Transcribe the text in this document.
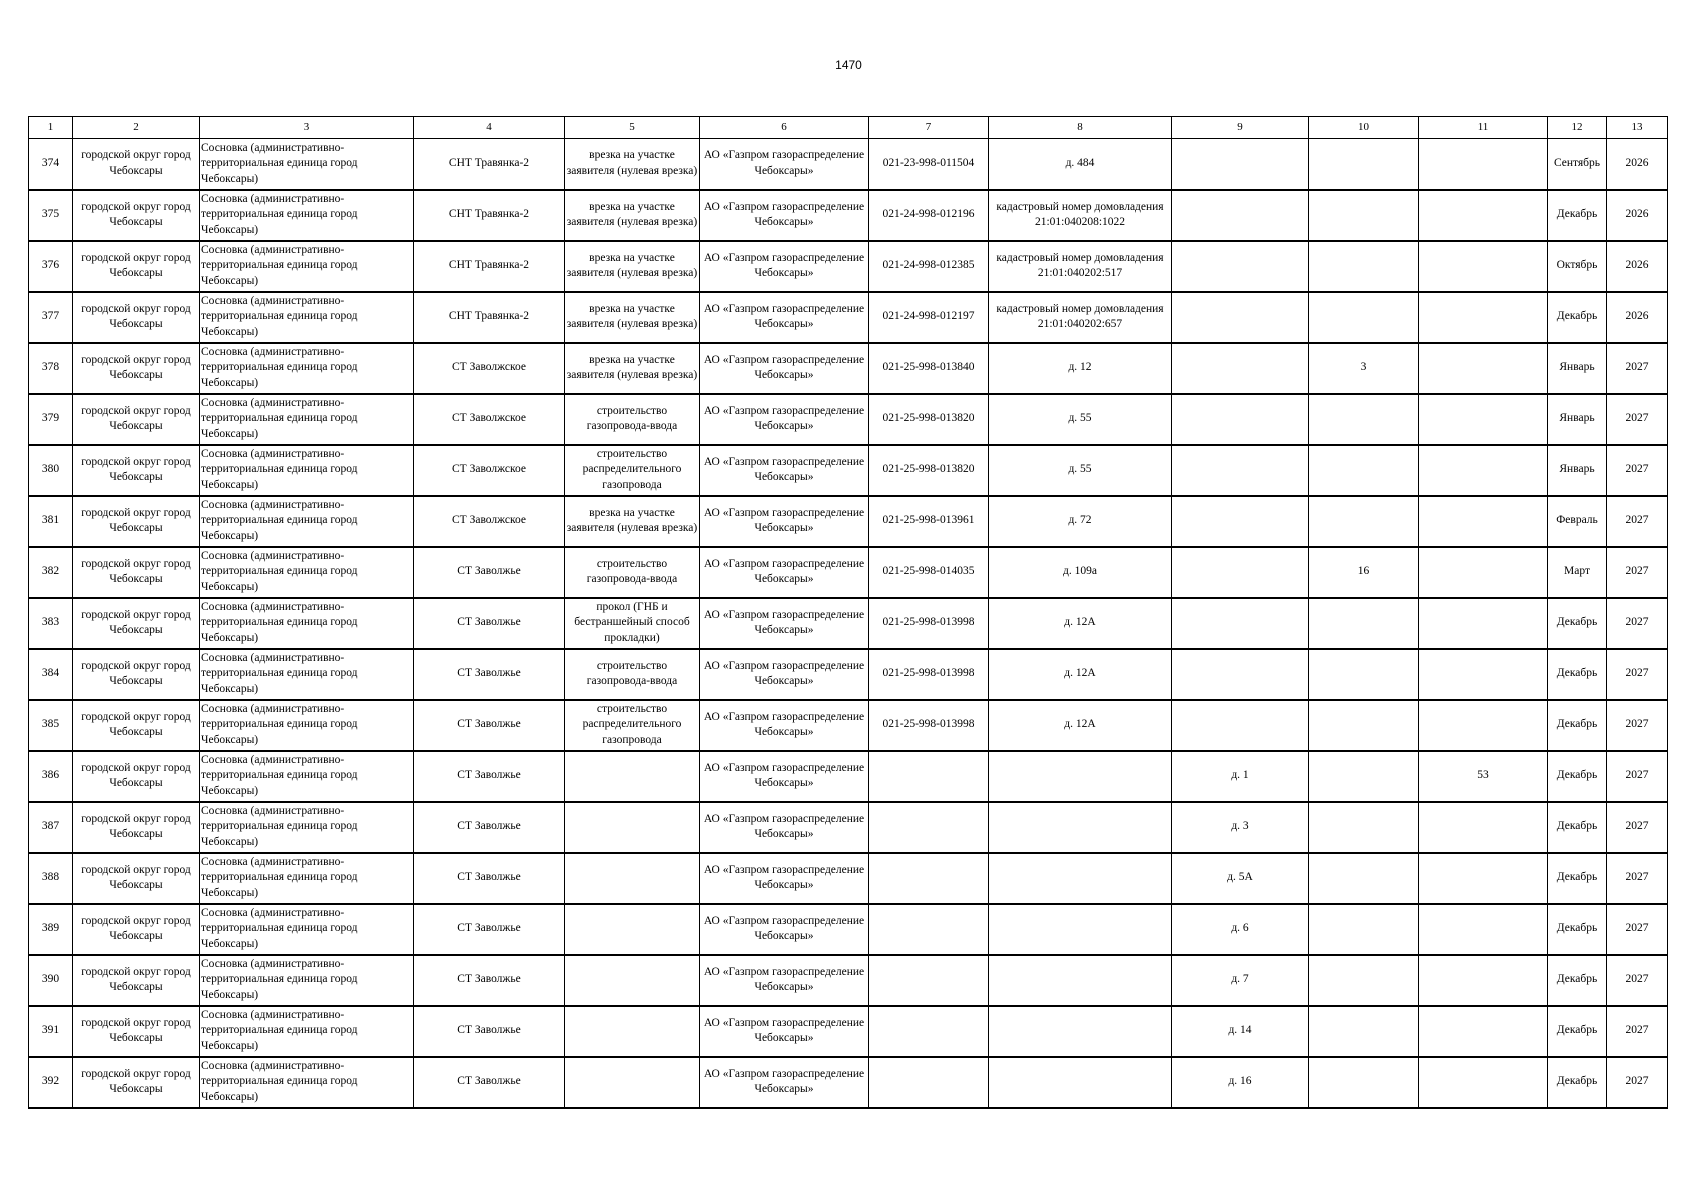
1470
1	2	3	4	5	6	7	8	9	10	11	12	13
374	городской округ город Чебоксары	Сосновка (административно-территориальная единица город Чебоксары)	СНТ Травянка-2	врезка на участке заявителя (нулевая врезка)	АО «Газпром газораспределение Чебоксары»	021-23-998-011504	д. 484				Сентябрь	2026
375	городской округ город Чебоксары	Сосновка (административно-территориальная единица город Чебоксары)	СНТ Травянка-2	врезка на участке заявителя (нулевая врезка)	АО «Газпром газораспределение Чебоксары»	021-24-998-012196	кадастровый номер домовладения 21:01:040208:1022				Декабрь	2026
376	городской округ город Чебоксары	Сосновка (административно-территориальная единица город Чебоксары)	СНТ Травянка-2	врезка на участке заявителя (нулевая врезка)	АО «Газпром газораспределение Чебоксары»	021-24-998-012385	кадастровый номер домовладения 21:01:040202:517				Октябрь	2026
377	городской округ город Чебоксары	Сосновка (административно-территориальная единица город Чебоксары)	СНТ Травянка-2	врезка на участке заявителя (нулевая врезка)	АО «Газпром газораспределение Чебоксары»	021-24-998-012197	кадастровый номер домовладения 21:01:040202:657				Декабрь	2026
378	городской округ город Чебоксары	Сосновка (административно-территориальная единица город Чебоксары)	СТ Заволжское	врезка на участке заявителя (нулевая врезка)	АО «Газпром газораспределение Чебоксары»	021-25-998-013840	д. 12		3		Январь	2027
379	городской округ город Чебоксары	Сосновка (административно-территориальная единица город Чебоксары)	СТ Заволжское	строительство газопровода-ввода	АО «Газпром газораспределение Чебоксары»	021-25-998-013820	д. 55				Январь	2027
380	городской округ город Чебоксары	Сосновка (административно-территориальная единица город Чебоксары)	СТ Заволжское	строительство распределительного газопровода	АО «Газпром газораспределение Чебоксары»	021-25-998-013820	д. 55				Январь	2027
381	городской округ город Чебоксары	Сосновка (административно-территориальная единица город Чебоксары)	СТ Заволжское	врезка на участке заявителя (нулевая врезка)	АО «Газпром газораспределение Чебоксары»	021-25-998-013961	д. 72				Февраль	2027
382	городской округ город Чебоксары	Сосновка (административно-территориальная единица город Чебоксары)	СТ Заволжье	строительство газопровода-ввода	АО «Газпром газораспределение Чебоксары»	021-25-998-014035	д. 109а		16		Март	2027
383	городской округ город Чебоксары	Сосновка (административно-территориальная единица город Чебоксары)	СТ Заволжье	прокол (ГНБ и бестраншейный способ прокладки)	АО «Газпром газораспределение Чебоксары»	021-25-998-013998	д. 12А				Декабрь	2027
384	городской округ город Чебоксары	Сосновка (административно-территориальная единица город Чебоксары)	СТ Заволжье	строительство газопровода-ввода	АО «Газпром газораспределение Чебоксары»	021-25-998-013998	д. 12А				Декабрь	2027
385	городской округ город Чебоксары	Сосновка (административно-территориальная единица город Чебоксары)	СТ Заволжье	строительство распределительного газопровода	АО «Газпром газораспределение Чебоксары»	021-25-998-013998	д. 12А				Декабрь	2027
386	городской округ город Чебоксары	Сосновка (административно-территориальная единица город Чебоксары)	СТ Заволжье		АО «Газпром газораспределение Чебоксары»			д. 1		53	Декабрь	2027
387	городской округ город Чебоксары	Сосновка (административно-территориальная единица город Чебоксары)	СТ Заволжье		АО «Газпром газораспределение Чебоксары»			д. 3			Декабрь	2027
388	городской округ город Чебоксары	Сосновка (административно-территориальная единица город Чебоксары)	СТ Заволжье		АО «Газпром газораспределение Чебоксары»			д. 5А			Декабрь	2027
389	городской округ город Чебоксары	Сосновка (административно-территориальная единица город Чебоксары)	СТ Заволжье		АО «Газпром газораспределение Чебоксары»			д. 6			Декабрь	2027
390	городской округ город Чебоксары	Сосновка (административно-территориальная единица город Чебоксары)	СТ Заволжье		АО «Газпром газораспределение Чебоксары»			д. 7			Декабрь	2027
391	городской округ город Чебоксары	Сосновка (административно-территориальная единица город Чебоксары)	СТ Заволжье		АО «Газпром газораспределение Чебоксары»			д. 14			Декабрь	2027
392	городской округ город Чебоксары	Сосновка (административно-территориальная единица город Чебоксары)	СТ Заволжье		АО «Газпром газораспределение Чебоксары»			д. 16			Декабрь	2027
